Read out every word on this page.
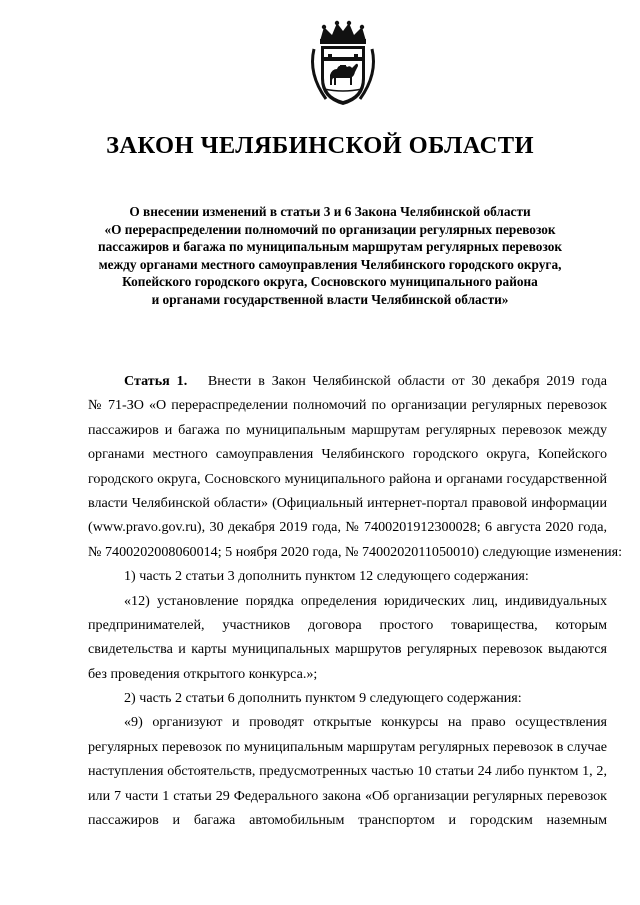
ЗАКОН ЧЕЛЯБИНСКОЙ ОБЛАСТИ
О внесении изменений в статьи 3 и 6 Закона Челябинской области
«О перераспределении полномочий по организации регулярных перевозок
пассажиров и багажа по муниципальным маршрутам регулярных перевозок
между органами местного самоуправления Челябинского городского округа,
Копейского городского округа, Сосновского муниципального района
и органами государственной власти Челябинской области»
Статья 1. Внести в Закон Челябинской области от 30 декабря 2019 года
№ 71-ЗО «О перераспределении полномочий по организации регулярных перевозок
пассажиров и багажа по муниципальным маршрутам регулярных перевозок между
органами местного самоуправления Челябинского городского округа, Копейского
городского округа, Сосновского муниципального района и органами государственной
власти Челябинской области» (Официальный интернет-портал правовой информации
(www.pravo.gov.ru), 30 декабря 2019 года, № 7400201912300028; 6 августа 2020 года,
№ 7400202008060014; 5 ноября 2020 года, № 7400202011050010) следующие изменения:
1) часть 2 статьи 3 дополнить пунктом 12 следующего содержания:
«12) установление порядка определения юридических лиц, индивидуальных
предпринимателей, участников договора простого товарищества, которым
свидетельства и карты муниципальных маршрутов регулярных перевозок выдаются
без проведения открытого конкурса.»;
2) часть 2 статьи 6 дополнить пунктом 9 следующего содержания:
«9) организуют и проводят открытые конкурсы на право осуществления
регулярных перевозок по муниципальным маршрутам регулярных перевозок в случае
наступления обстоятельств, предусмотренных частью 10 статьи 24 либо пунктом 1, 2,
или 7 части 1 статьи 29 Федерального закона «Об организации регулярных перевозок
пассажиров и багажа автомобильным транспортом и городским наземным
